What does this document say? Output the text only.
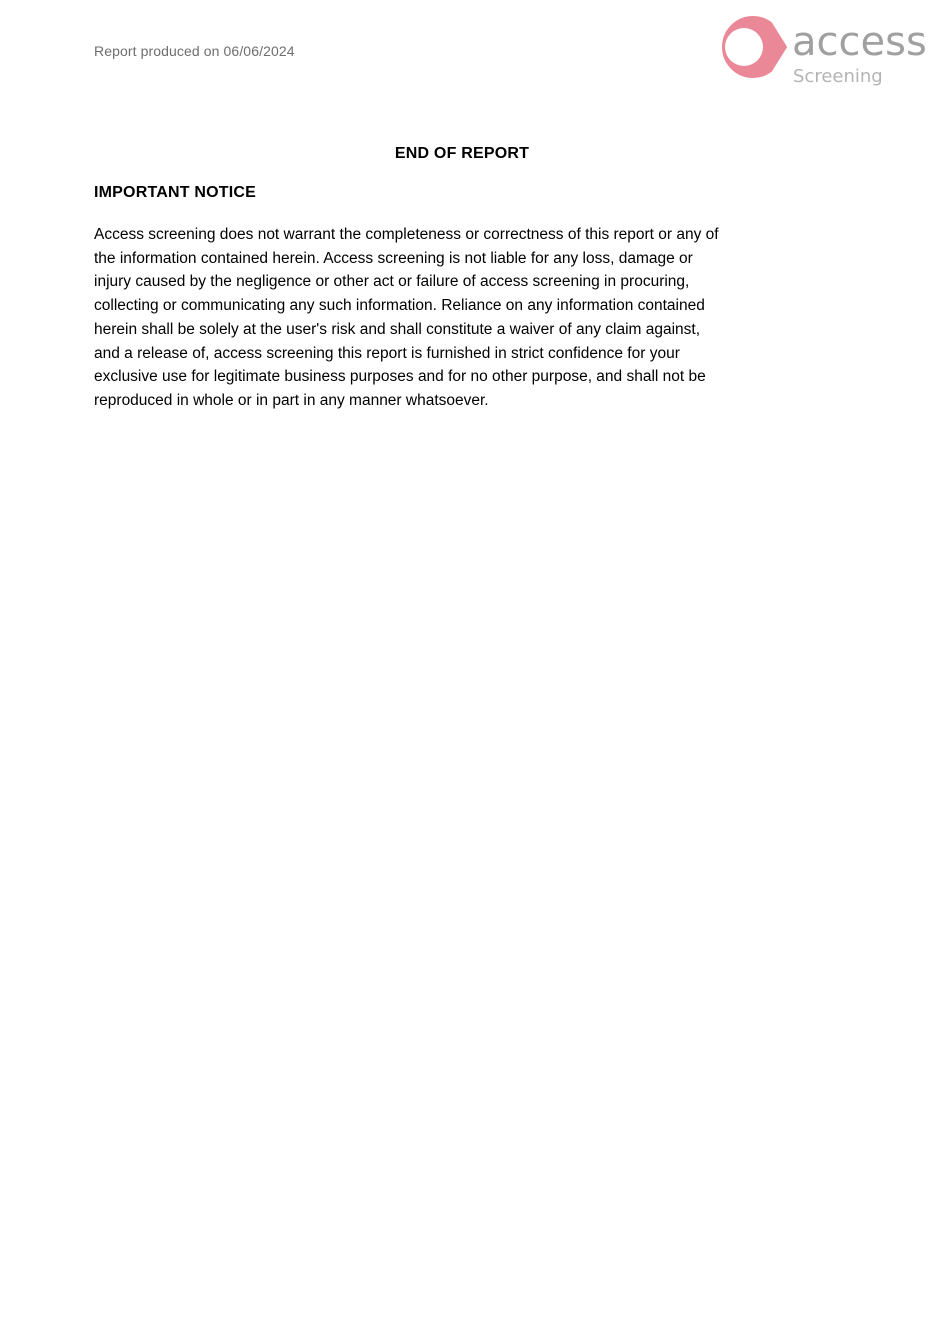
Report produced on 06/06/2024	access
Screening
END OF REPORT
IMPORTANT NOTICE
Access screening does not warrant the completeness or correctness of this report or any of
the information contained herein. Access screening is not liable for any loss, damage or
injury caused by the negligence or other act or failure of access screening in procuring,
collecting or communicating any such information. Reliance on any information contained
herein shall be solely at the user's risk and shall constitute a waiver of any claim against,
and a release of, access screening this report is furnished in strict confidence for your
exclusive use for legitimate business purposes and for no other purpose, and shall not be
reproduced in whole or in part in any manner whatsoever.
